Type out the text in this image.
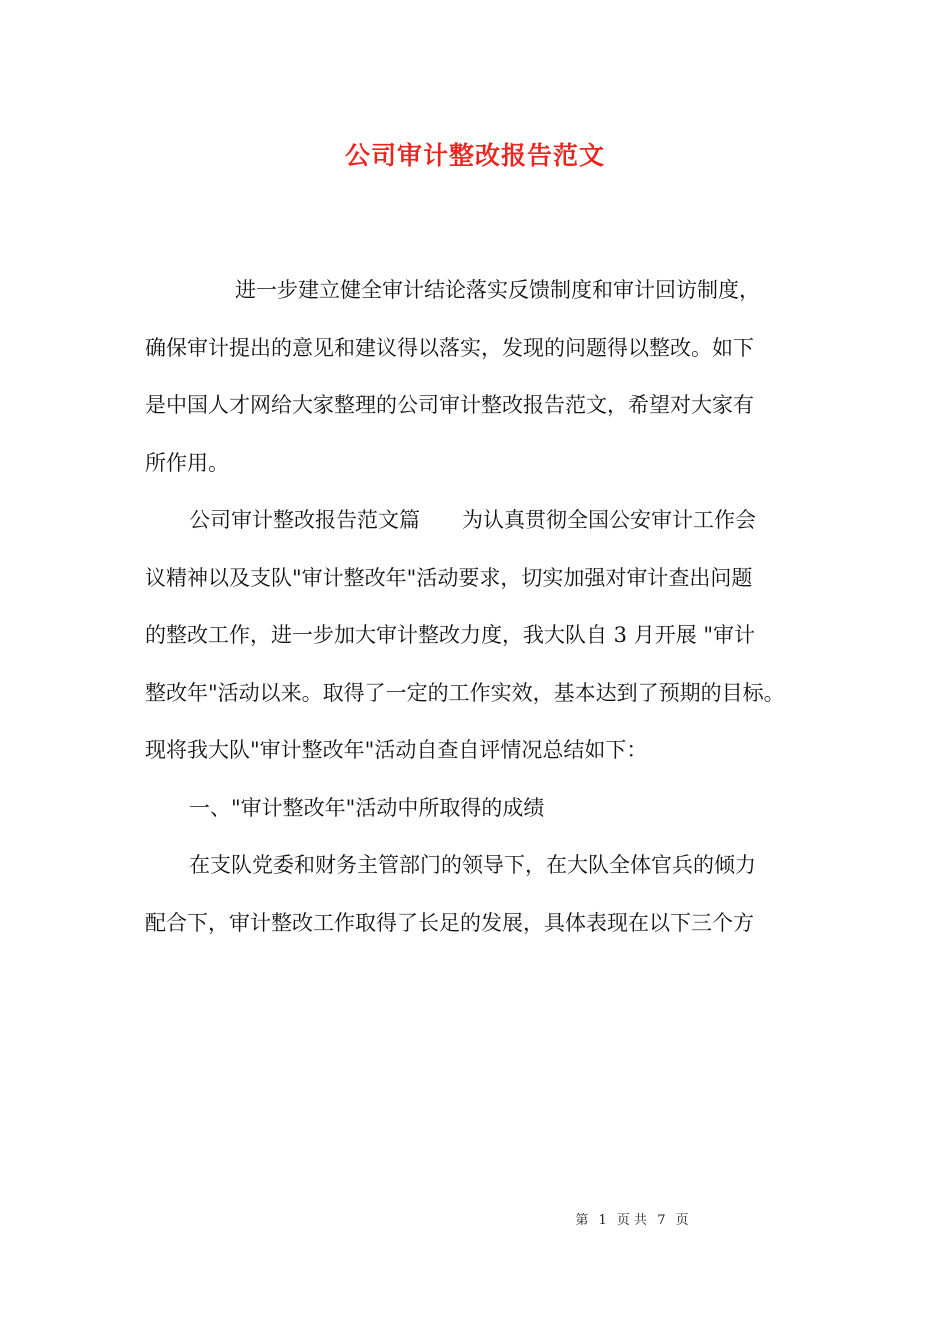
公司审计整改报告范文
进一步建立健全审计结论落实反馈制度和审计回访制度，
确保审计提出的意见和建议得以落实，发现的问题得以整改。如下
是中国人才网给大家整理的公司审计整改报告范文，希望对大家有
所作用。
公司审计整改报告范文篇　　为认真贯彻全国公安审计工作会
议精神以及支队"审计整改年"活动要求，切实加强对审计查出问题
的整改工作，进一步加大审计整改力度，我大队自 3 月开展 "审计
整改年"活动以来。取得了一定的工作实效，基本达到了预期的目标。
现将我大队"审计整改年"活动自查自评情况总结如下：
一、"审计整改年"活动中所取得的成绩
在支队党委和财务主管部门的领导下，在大队全体官兵的倾力
配合下，审计整改工作取得了长足的发展，具体表现在以下三个方
第 1 页 共 7 页
